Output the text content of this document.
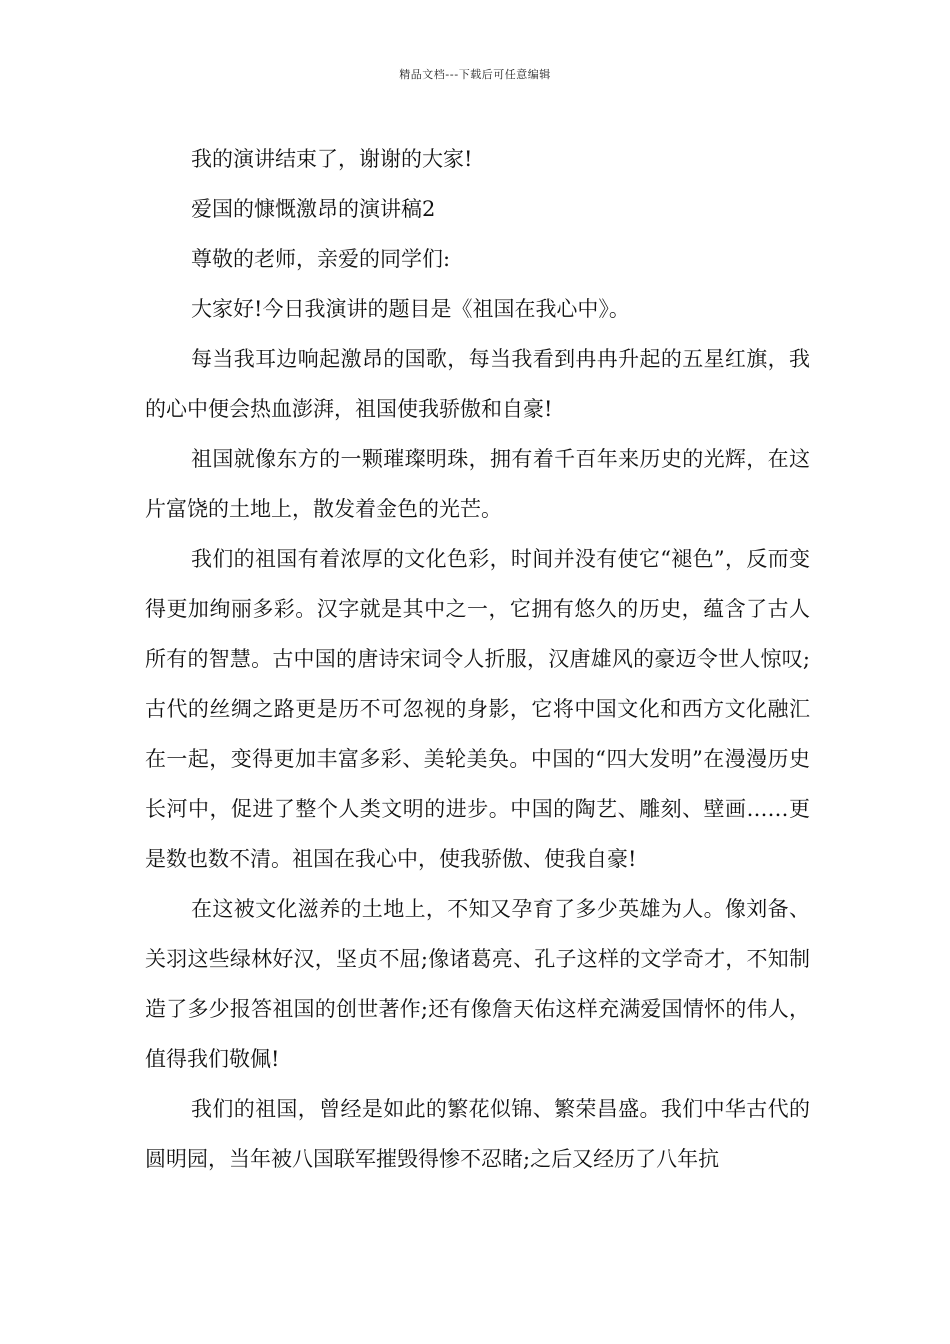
精品文档---下载后可任意编辑

我的演讲结束了，谢谢的大家!

爱国的慷慨激昂的演讲稿2

尊敬的老师，亲爱的同学们:

大家好!今日我演讲的题目是《祖国在我心中》。

每当我耳边响起激昂的国歌，每当我看到冉冉升起的五星红旗，我的心中便会热血澎湃，祖国使我骄傲和自豪!

祖国就像东方的一颗璀璨明珠，拥有着千百年来历史的光辉，在这片富饶的土地上，散发着金色的光芒。

我们的祖国有着浓厚的文化色彩，时间并没有使它“褪色”，反而变得更加绚丽多彩。汉字就是其中之一，它拥有悠久的历史，蕴含了古人所有的智慧。古中国的唐诗宋词令人折服，汉唐雄风的豪迈令世人惊叹;古代的丝绸之路更是历不可忽视的身影，它将中国文化和西方文化融汇在一起，变得更加丰富多彩、美轮美奂。中国的“四大发明”在漫漫历史长河中，促进了整个人类文明的进步。中国的陶艺、雕刻、壁画……更是数也数不清。祖国在我心中，使我骄傲、使我自豪!

在这被文化滋养的土地上，不知又孕育了多少英雄为人。像刘备、关羽这些绿林好汉，坚贞不屈;像诸葛亮、孔子这样的文学奇才，不知制造了多少报答祖国的创世著作;还有像詹天佑这样充满爱国情怀的伟人，值得我们敬佩!

我们的祖国，曾经是如此的繁花似锦、繁荣昌盛。我们中华古代的圆明园，当年被八国联军摧毁得惨不忍睹;之后又经历了八年抗
